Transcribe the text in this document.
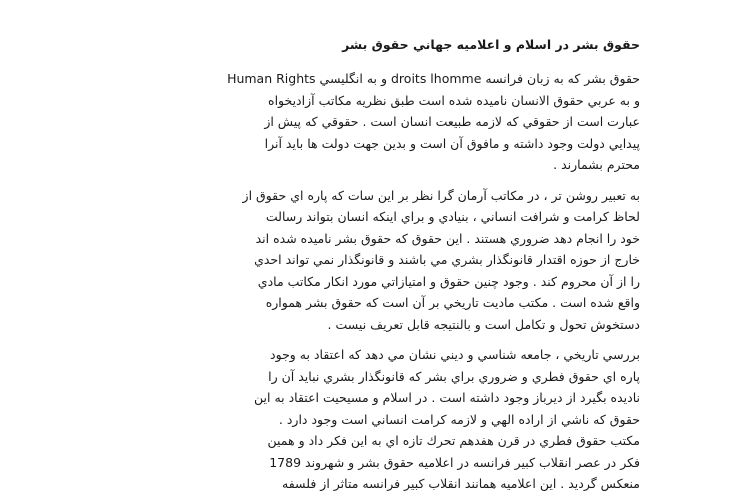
حقوق بشر در اسلام و اعلاميه جهاني حقوق بشر
حقوق بشر که به زبان فرانسه droits lhomme و به انگليسي Human Rights
و به عربي حقوق الانسان ناميده شده است طبق نظريه مكاتب آزاديخواه
عبارت است از حقوقي كه لازمه طبيعت انسان است . حقوقي كه پيش از
پيدايي دولت وجود داشته و مافوق آن است و بدين جهت دولت ها بايد آنرا
محترم بشمارند .
به تعبير روشن تر ، در مكاتب آرمان گرا نظر بر اين سات كه پاره اي حقوق از
لحاظ كرامت و شرافت انساني ، بنيادي و براي اينكه انسان بتواند رسالت
خود را انجام دهد ضروري هستند . اين حقوق كه حقوق بشر ناميده شده اند
خارج از حوزه اقتدار قانونگذار بشري مي باشند و قانونگذار نمي تواند احدي
را از آن محروم كند . وجود چنين حقوق و امتيازاتي مورد انكار مكاتب مادي
واقع شده است . مكتب ماديت تاريخي بر آن است كه حقوق بشر همواره
دستخوش تحول و تكامل است و بالنتيجه قابل تعريف نيست .
بررسي تاريخي ، جامعه شناسي و ديني نشان مي دهد كه اعتقاد به وجود
پاره اي حقوق فطري و ضروري براي بشر كه قانونگذار بشري نبايد آن را
ناديده بگيرد از ديرباز وجود داشته است . در اسلام و مسيحيت اعتقاد به اين
حقوق كه ناشي از اراده الهي و لازمه كرامت انساني است وجود دارد .
مكتب حقوق فطري در قرن هفدهم تحرك تازه اي به اين فكر داد و همين
فكر در عصر انقلاب كبير فرانسه در اعلاميه حقوق بشر و شهروند 1789
منعكس گرديد . اين اعلاميه همانند انقلاب كبير فرانسه متاثر از فلسفه
